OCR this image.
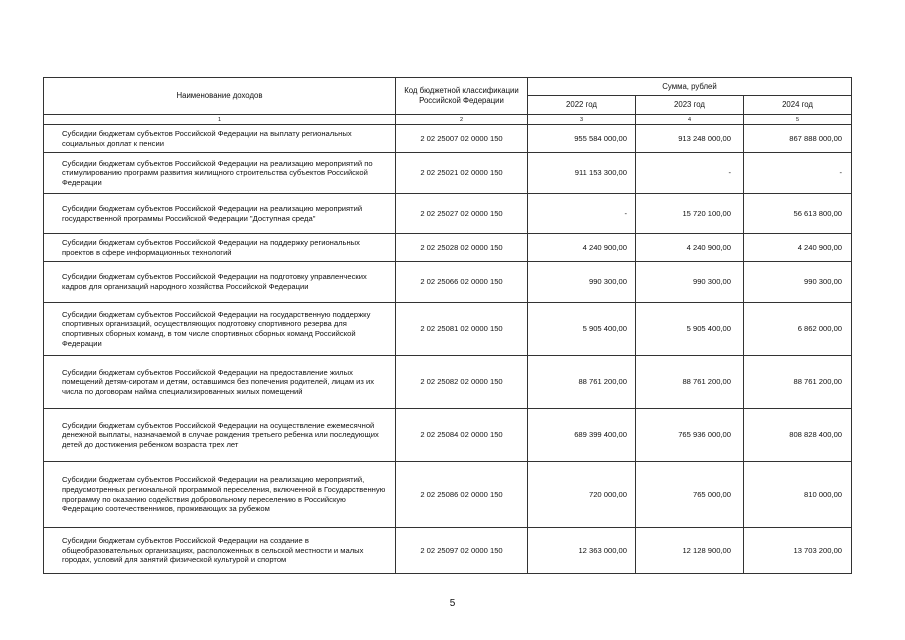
Наименование доходов	Код бюджетной классификации Российской Федерации	Сумма, рублей		
		2022 год	2023 год	2024 год
1	2	3	4	5
Субсидии бюджетам субъектов Российской Федерации на выплату региональных социальных доплат к пенсии	2 02 25007 02 0000 150	955 584 000,00	913 248 000,00	867 888 000,00
Субсидии бюджетам субъектов Российской Федерации на реализацию мероприятий по стимулированию программ развития жилищного строительства субъектов Российской Федерации	2 02 25021 02 0000 150	911 153 300,00	-	-
Субсидии бюджетам субъектов Российской Федерации на реализацию мероприятий государственной программы Российской Федерации "Доступная среда"	2 02 25027 02 0000 150	-	15 720 100,00	56 613 800,00
Субсидии бюджетам субъектов Российской Федерации на поддержку региональных проектов в сфере информационных технологий	2 02 25028 02 0000 150	4 240 900,00	4 240 900,00	4 240 900,00
Субсидии бюджетам субъектов Российской Федерации на подготовку управленческих кадров для организаций народного хозяйства Российской Федерации	2 02 25066 02 0000 150	990 300,00	990 300,00	990 300,00
Субсидии бюджетам субъектов Российской Федерации на государственную поддержку спортивных организаций, осуществляющих подготовку спортивного резерва для спортивных сборных команд, в том числе спортивных сборных команд Российской Федерации	2 02 25081 02 0000 150	5 905 400,00	5 905 400,00	6 862 000,00
Субсидии бюджетам субъектов Российской Федерации на предоставление жилых помещений детям-сиротам и детям, оставшимся без попечения родителей, лицам из их числа по договорам найма специализированных жилых помещений	2 02 25082 02 0000 150	88 761 200,00	88 761 200,00	88 761 200,00
Субсидии бюджетам субъектов Российской Федерации на осуществление ежемесячной денежной выплаты, назначаемой в случае рождения третьего ребенка или последующих детей до достижения ребенком возраста трех лет	2 02 25084 02 0000 150	689 399 400,00	765 936 000,00	808 828 400,00
Субсидии бюджетам субъектов Российской Федерации на реализацию мероприятий, предусмотренных региональной программой переселения, включенной в Государственную программу по оказанию содействия добровольному переселению в Российскую Федерацию соотечественников, проживающих за рубежом	2 02 25086 02 0000 150	720 000,00	765 000,00	810 000,00
Субсидии бюджетам субъектов Российской Федерации на создание в общеобразовательных организациях, расположенных в сельской местности и малых городах, условий для занятий физической культурой и спортом	2 02 25097 02 0000 150	12 363 000,00	12 128 900,00	13 703 200,00
5
